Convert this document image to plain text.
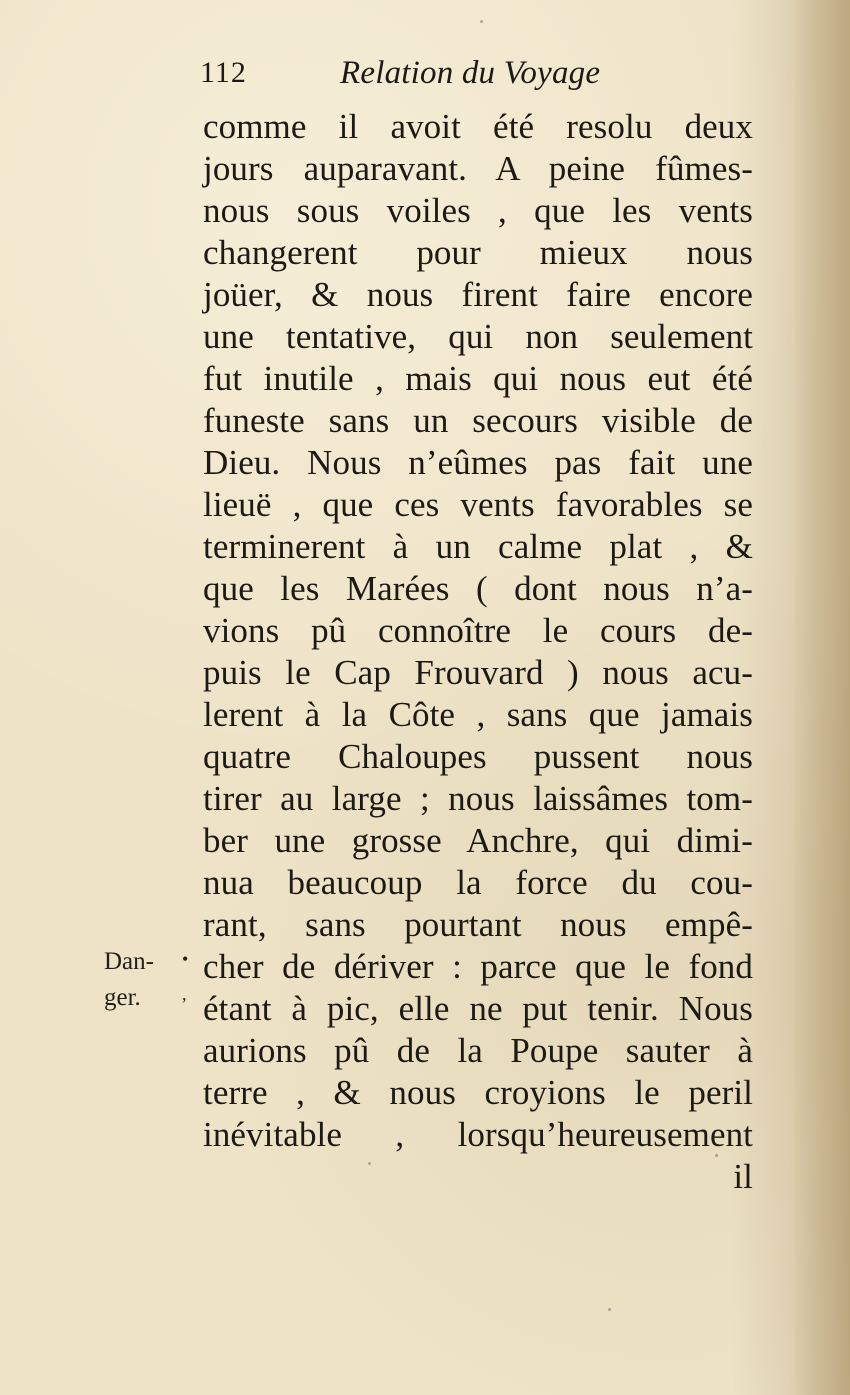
112	Relation du Voyage
comme il avoit été resolu deux
jours auparavant. A peine fûmes-
nous sous voiles , que les vents
changerent pour mieux nous
joüer, & nous firent faire encore
une tentative, qui non seulement
fut inutile , mais qui nous eut été
funeste sans un secours visible de
Dieu. Nous n’eûmes pas fait une
lieuë , que ces vents favorables se
terminerent à un calme plat , &
que les Marées ( dont nous n’a-
vions pû connoître le cours de-
puis le Cap Frouvard ) nous acu-
lerent à la Côte , sans que jamais
quatre Chaloupes pussent nous
tirer au large ; nous laissâmes tom-
ber une grosse Anchre, qui dimi-
nua beaucoup la force du cou-
rant, sans pourtant nous empê-
cher de dériver : parce que le fond
étant à pic, elle ne put tenir. Nous
aurions pû de la Poupe sauter à
terre , & nous croyions le peril
inévitable , lorsqu’heureusement
il
Dan-
ger.
•
,
